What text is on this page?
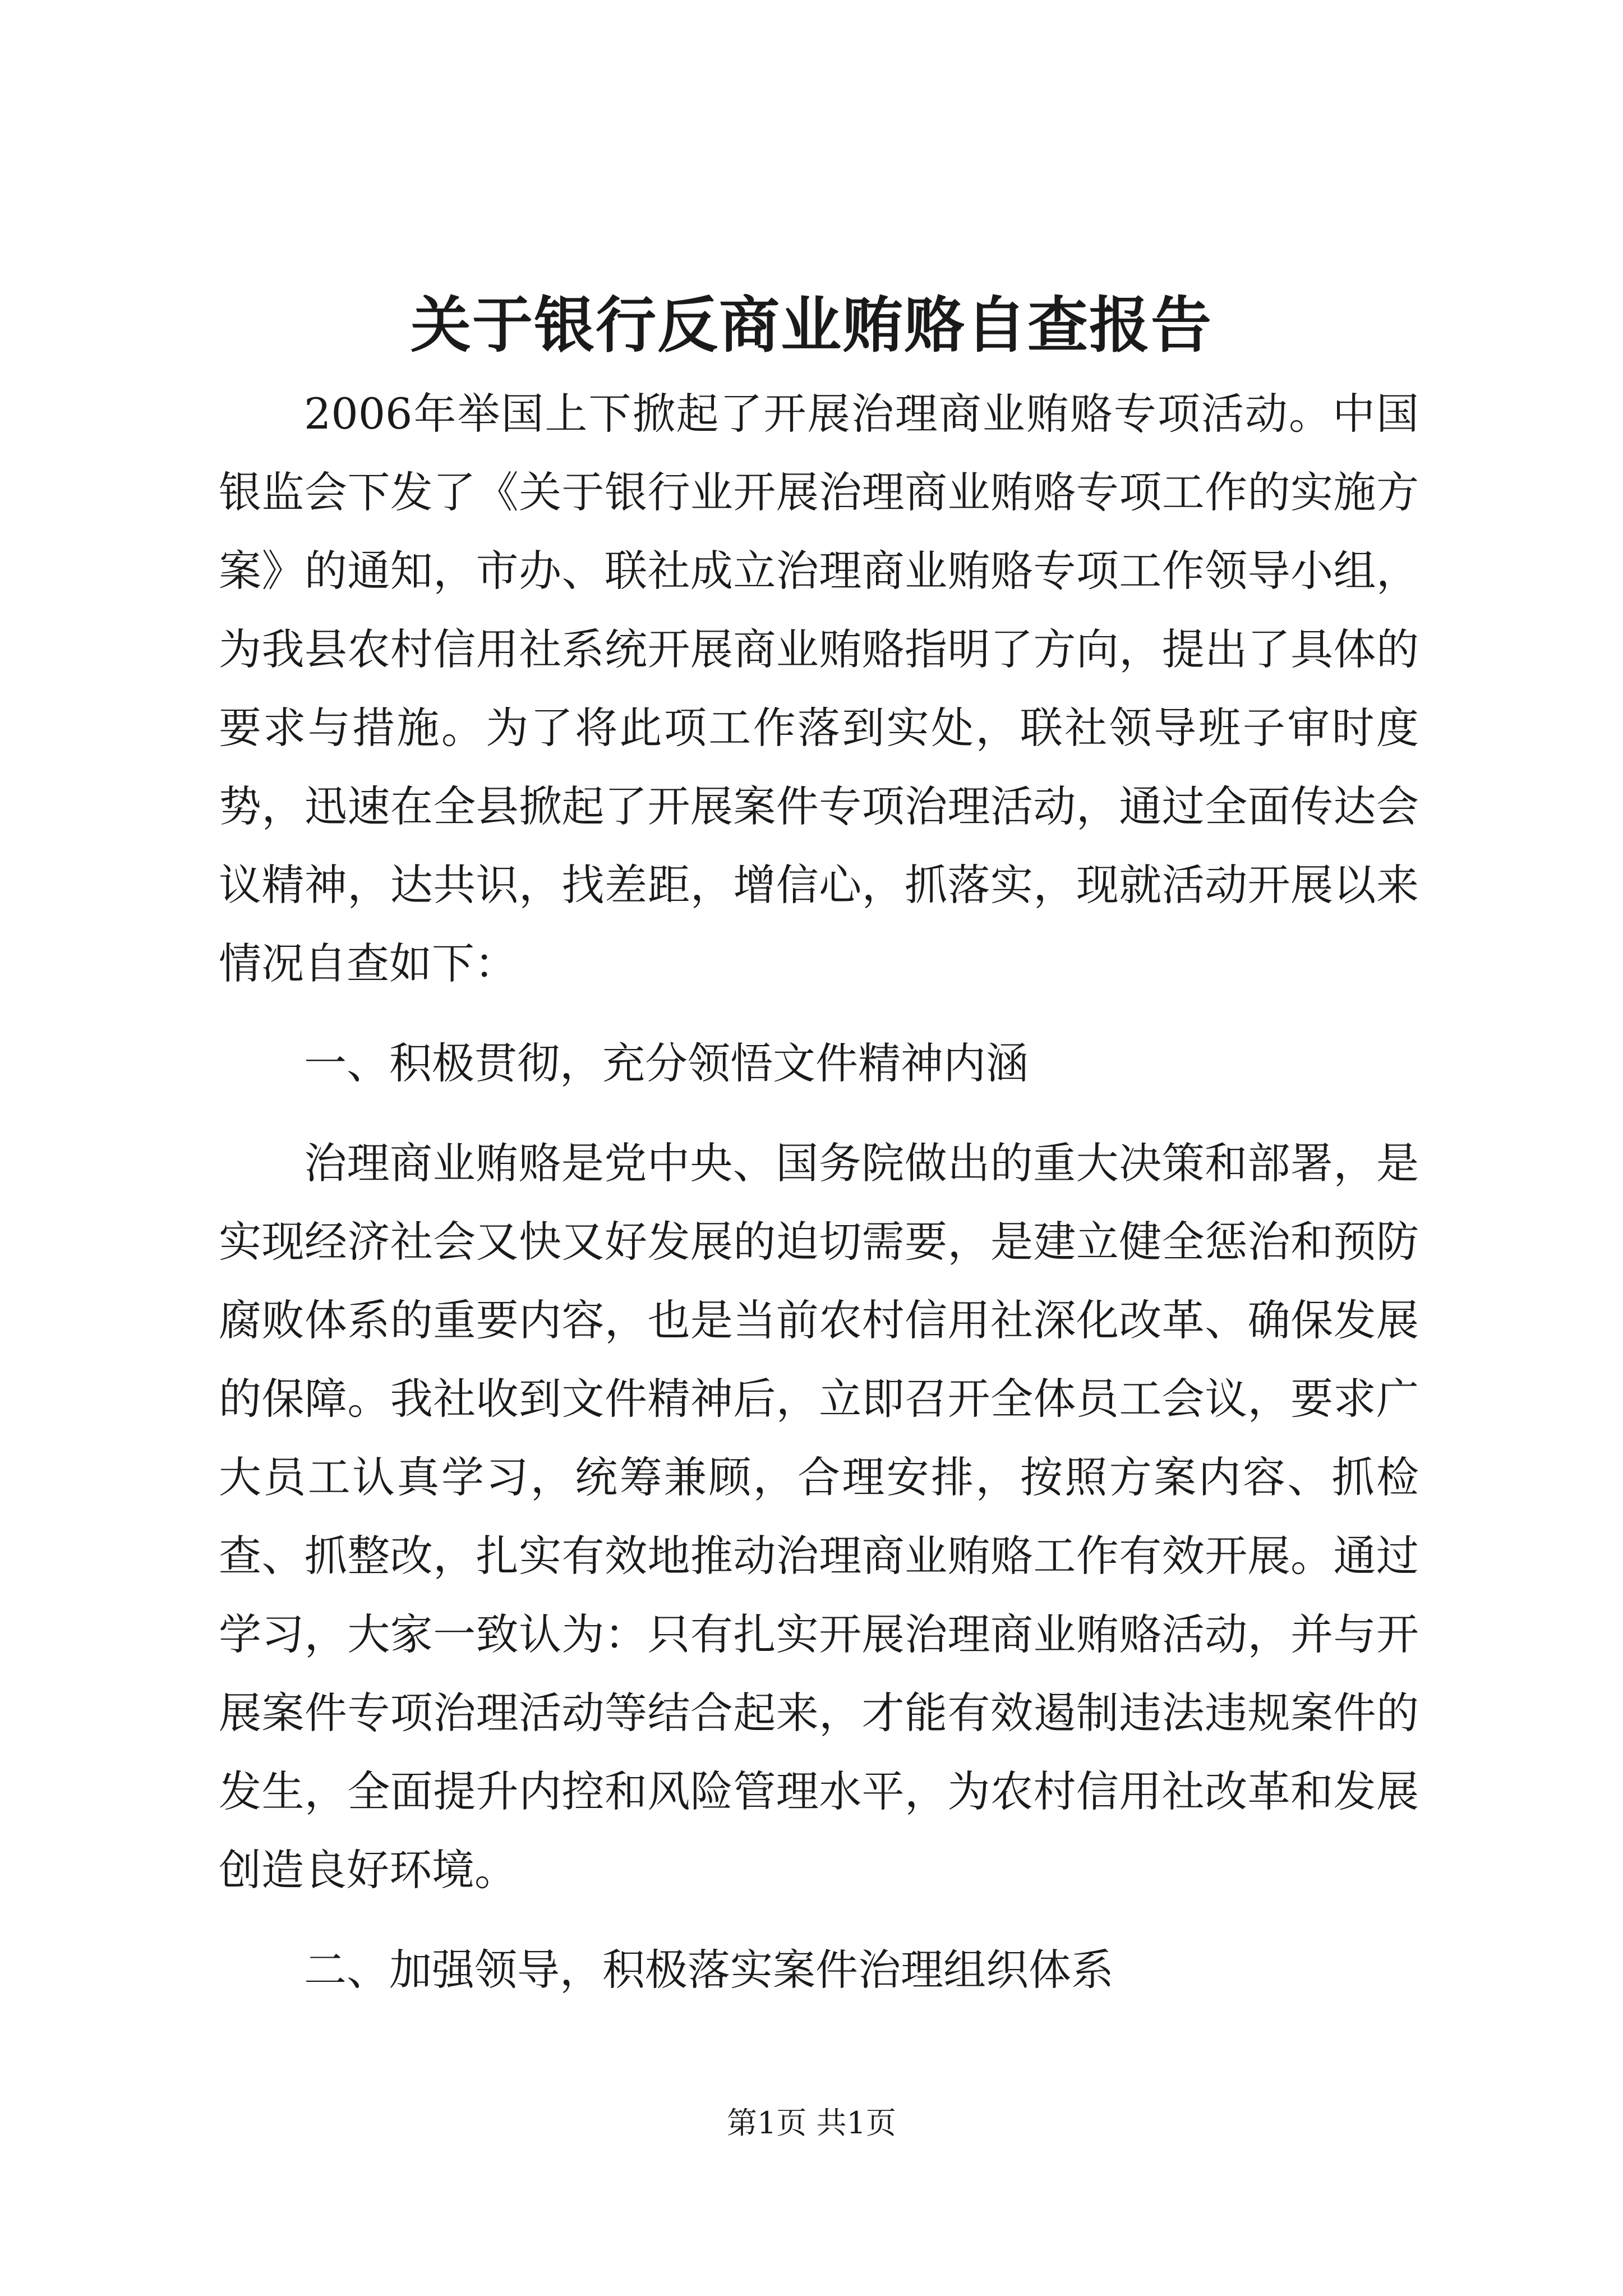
关于银行反商业贿赂自查报告

2006年举国上下掀起了开展治理商业贿赂专项活动。中国银监会下发了《关于银行业开展治理商业贿赂专项工作的实施方案》的通知，市办、联社成立治理商业贿赂专项工作领导小组，为我县农村信用社系统开展商业贿赂指明了方向，提出了具体的要求与措施。为了将此项工作落到实处，联社领导班子审时度势，迅速在全县掀起了开展案件专项治理活动，通过全面传达会议精神，达共识，找差距，增信心，抓落实，现就活动开展以来情况自查如下：

一、积极贯彻，充分领悟文件精神内涵

治理商业贿赂是党中央、国务院做出的重大决策和部署，是实现经济社会又快又好发展的迫切需要，是建立健全惩治和预防腐败体系的重要内容，也是当前农村信用社深化改革、确保发展的保障。我社收到文件精神后，立即召开全体员工会议，要求广大员工认真学习，统筹兼顾，合理安排，按照方案内容、抓检查、抓整改，扎实有效地推动治理商业贿赂工作有效开展。通过学习，大家一致认为：只有扎实开展治理商业贿赂活动，并与开展案件专项治理活动等结合起来，才能有效遏制违法违规案件的发生，全面提升内控和风险管理水平，为农村信用社改革和发展创造良好环境。

二、加强领导，积极落实案件治理组织体系

第1页 共1页
